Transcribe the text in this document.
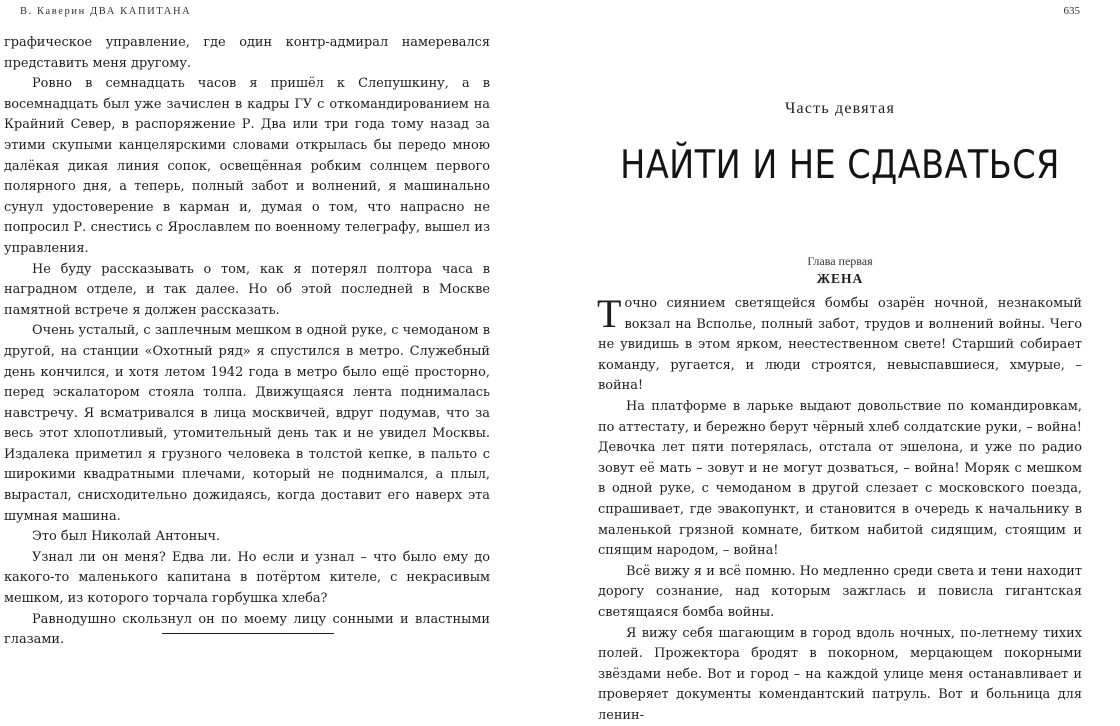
В. Каверин ДВА КАПИТАНА

графическое управление, где один контр-адмирал намеревался представить меня другому.

Ровно в семнадцать часов я пришёл к Слепушкину, а в восемнадцать был уже зачислен в кадры ГУ с откомандированием на Крайний Север, в распоряжение Р. Два или три года тому назад за этими скупыми канцелярскими словами открылась бы передо мною далёкая дикая линия сопок, освещённая робким солнцем первого полярного дня, а теперь, полный забот и волнений, я машинально сунул удостоверение в карман и, думая о том, что напрасно не попросил Р. снестись с Ярославлем по военному телеграфу, вышел из управления.

Не буду рассказывать о том, как я потерял полтора часа в наградном отделе, и так далее. Но об этой последней в Москве памятной встрече я должен рассказать.

Очень усталый, с заплечным мешком в одной руке, с чемоданом в другой, на станции «Охотный ряд» я спустился в метро. Служебный день кончился, и хотя летом 1942 года в метро было ещё просторно, перед эскалатором стояла толпа. Движущаяся лента поднималась навстречу. Я всматривался в лица москвичей, вдруг подумав, что за весь этот хлопотливый, утомительный день так и не увидел Москвы. Издалека приметил я грузного человека в толстой кепке, в пальто с широкими квадратными плечами, который не поднимался, а плыл, вырастал, снисходительно дожидаясь, когда доставит его наверх эта шумная машина.

Это был Николай Антоныч.

Узнал ли он меня? Едва ли. Но если и узнал – что было ему до какого-то маленького капитана в потёртом кителе, с некрасивым мешком, из которого торчала горбушка хлеба?

Равнодушно скользнул он по моему лицу сонными и властными глазами.

635
Часть девятая
НАЙТИ И НЕ СДАВАТЬСЯ
Глава первая
ЖЕНА

Точно сиянием светящейся бомбы озарён ночной, незнакомый вокзал на Всполье, полный забот, трудов и волнений войны. Чего не увидишь в этом ярком, неестественном свете! Старший собирает команду, ругается, и люди строятся, невыспавшиеся, хмурые, – война!

На платформе в ларьке выдают довольствие по командировкам, по аттестату, и бережно берут чёрный хлеб солдатские руки, – война! Девочка лет пяти потерялась, отстала от эшелона, и уже по радио зовут её мать – зовут и не могут дозваться, – война! Моряк с мешком в одной руке, с чемоданом в другой слезает с московского поезда, спрашивает, где эвакопункт, и становится в очередь к начальнику в маленькой грязной комнате, битком набитой сидящим, стоящим и спящим народом, – война!

Всё вижу я и всё помню. Но медленно среди света и тени находит дорогу сознание, над которым зажглась и повисла гигантская светящаяся бомба войны.

Я вижу себя шагающим в город вдоль ночных, по-летнему тихих полей. Прожектора бродят в покорном, мерцающем покорными звёздами небе. Вот и город – на каждой улице меня останавливает и проверяет документы комендантский патруль. Вот и больница для ленин-
